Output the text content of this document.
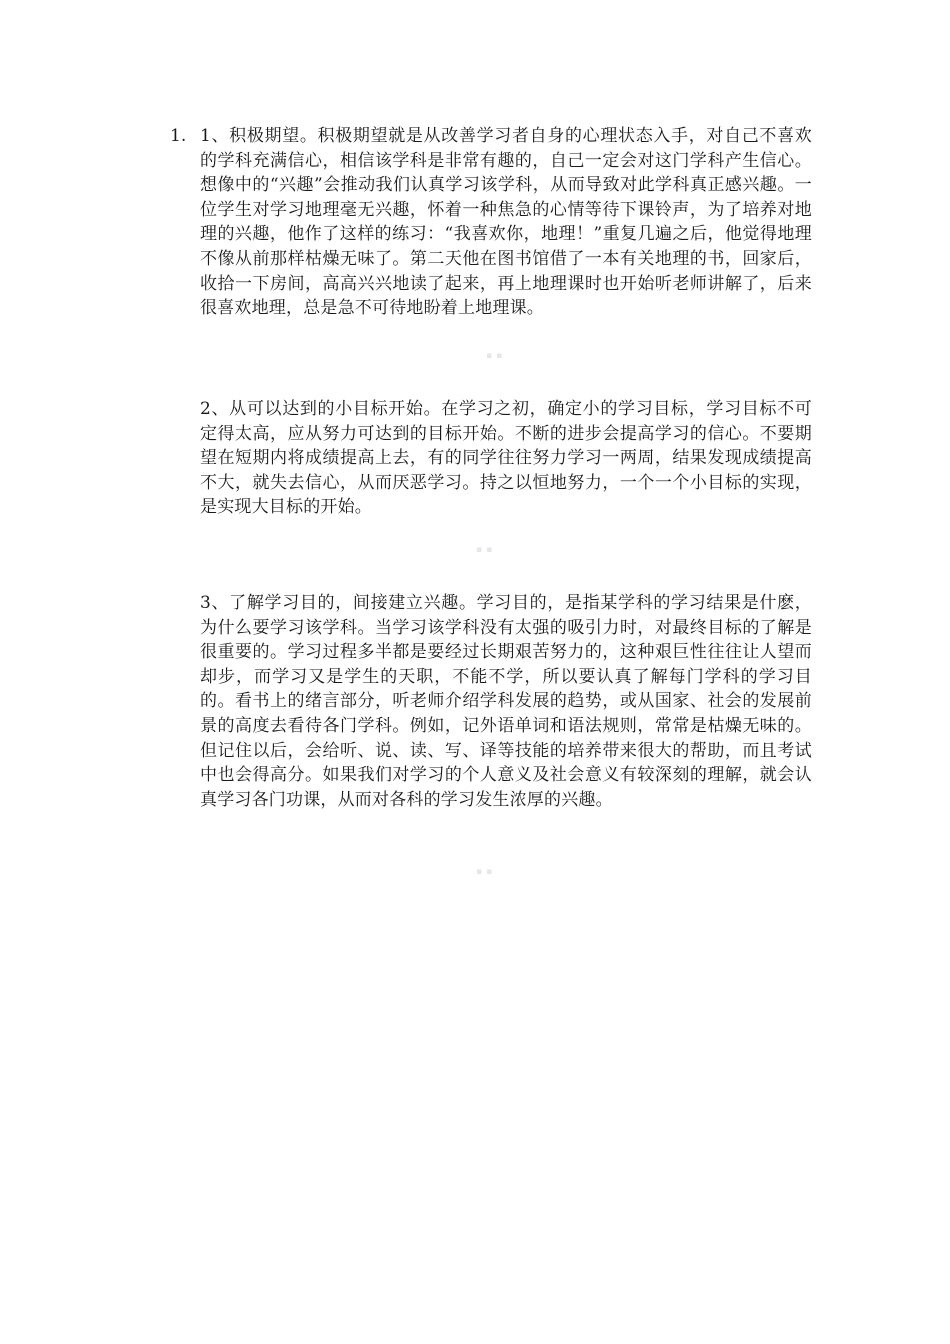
1. 1、积极期望。积极期望就是从改善学习者自身的心理状态入手，对自己不喜欢的学科充满信心，相信该学科是非常有趣的，自己一定会对这门学科产生信心。想像中的“兴趣”会推动我们认真学习该学科，从而导致对此学科真正感兴趣。一位学生对学习地理毫无兴趣，怀着一种焦急的心情等待下课铃声，为了培养对地理的兴趣，他作了这样的练习：“我喜欢你，地理！”重复几遍之后，他觉得地理不像从前那样枯燥无味了。第二天他在图书馆借了一本有关地理的书，回家后，收拾一下房间，高高兴兴地读了起来，再上地理课时也开始听老师讲解了，后来很喜欢地理，总是急不可待地盼着上地理课。

▪▪

2、从可以达到的小目标开始。在学习之初，确定小的学习目标，学习目标不可定得太高，应从努力可达到的目标开始。不断的进步会提高学习的信心。不要期望在短期内将成绩提高上去，有的同学往往努力学习一两周，结果发现成绩提高不大，就失去信心，从而厌恶学习。持之以恒地努力，一个一个小目标的实现，是实现大目标的开始。

▪▪

3、了解学习目的，间接建立兴趣。学习目的，是指某学科的学习结果是什麽，为什么要学习该学科。当学习该学科没有太强的吸引力时，对最终目标的了解是很重要的。学习过程多半都是要经过长期艰苦努力的，这种艰巨性往往让人望而却步，而学习又是学生的天职，不能不学，所以要认真了解每门学科的学习目的。看书上的绪言部分，听老师介绍学科发展的趋势，或从国家、社会的发展前景的高度去看待各门学科。例如，记外语单词和语法规则，常常是枯燥无味的。但记住以后，会给听、说、读、写、译等技能的培养带来很大的帮助，而且考试中也会得高分。如果我们对学习的个人意义及社会意义有较深刻的理解，就会认真学习各门功课，从而对各科的学习发生浓厚的兴趣。

▪▪
